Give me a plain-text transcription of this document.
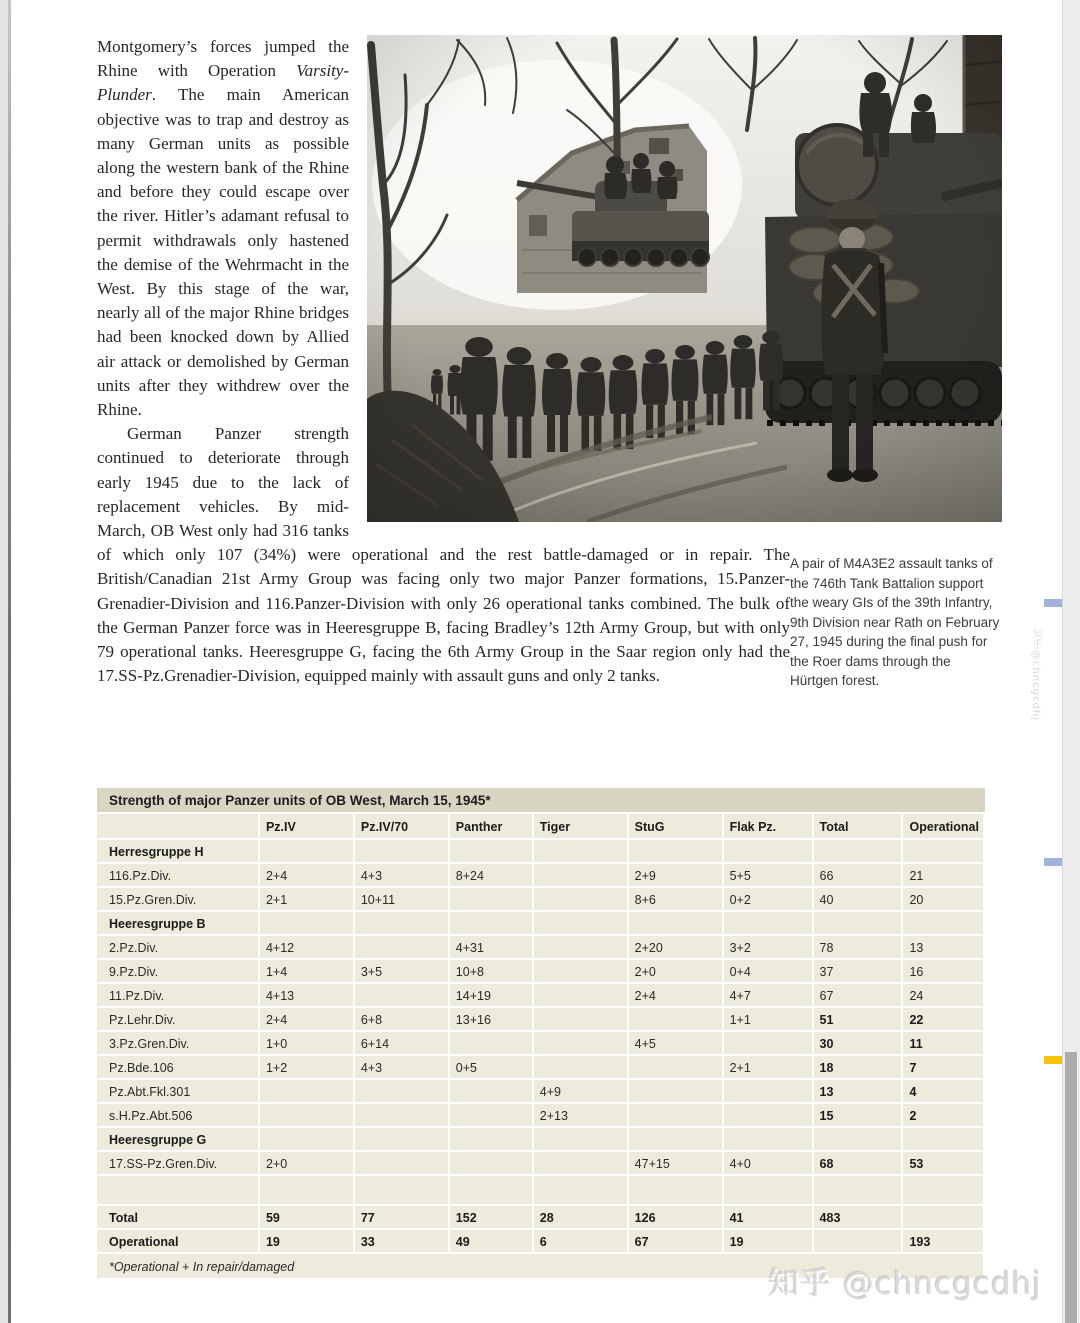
A pair of M4A3E2 assault tanks of the 746th Tank Battalion support the weary GIs of the 39th Infantry, 9th Division near Rath on February 27, 1945 during the final push for the Roer dams through the Hürtgen forest.

Montgomery’s forces jumped the Rhine with Operation Varsity-Plunder. The main American objective was to trap and destroy as many German units as possible along the western bank of the Rhine and before they could escape over the river. Hitler’s adamant refusal to permit withdrawals only hastened the demise of the Wehrmacht in the West. By this stage of the war, nearly all of the major Rhine bridges had been knocked down by Allied air attack or demolished by German units after they withdrew over the Rhine.

German Panzer strength continued to deteriorate through early 1945 due to the lack of replacement vehicles. By mid-March, OB West only had 316 tanks of which only 107 (34%) were operational and the rest battle-damaged or in repair. The British/Canadian 21st Army Group was facing only two major Panzer formations, 15.Panzer-Grenadier-Division and 116.Panzer-Division with only 26 operational tanks combined. The bulk of the German Panzer force was in Heeresgruppe B, facing Bradley’s 12th Army Group, but with only 79 operational tanks. Heeresgruppe G, facing the 6th Army Group in the Saar region only had the 17.SS-Pz.Grenadier-Division, equipped mainly with assault guns and only 2 tanks.

Strength of major Panzer units of OB West, March 15, 1945*
	Pz.IV	Pz.IV/70	Panther	Tiger	StuG	Flak Pz.	Total	Operational
Herresgruppe H								
116.Pz.Div.	2+4	4+3	8+24		2+9	5+5	66	21
15.Pz.Gren.Div.	2+1	10+11			8+6	0+2	40	20
Heeresgruppe B								
2.Pz.Div.	4+12		4+31		2+20	3+2	78	13
9.Pz.Div.	1+4	3+5	10+8		2+0	0+4	37	16
11.Pz.Div.	4+13		14+19		2+4	4+7	67	24
Pz.Lehr.Div.	2+4	6+8	13+16			1+1	51	22
3.Pz.Gren.Div.	1+0	6+14			4+5		30	11
Pz.Bde.106	1+2	4+3	0+5			2+1	18	7
Pz.Abt.Fkl.301				4+9			13	4
s.H.Pz.Abt.506				2+13			15	2
Heeresgruppe G								
17.SS-Pz.Gren.Div.	2+0				47+15	4+0	68	53

Total	59	77	152	28	126	41	483	
Operational	19	33	49	6	67	19		193
*Operational + In repair/damaged								
知乎@chncgcdhj
知乎 @chncgcdhj
